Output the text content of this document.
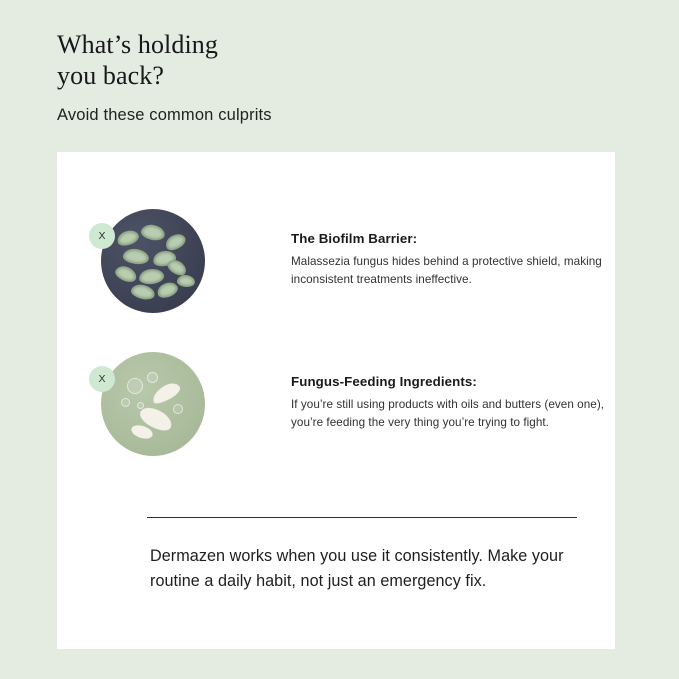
What’s holding
you back?
Avoid these common culprits
X	The Biofilm Barrier:
Malassezia fungus hides behind a protective shield, making inconsistent treatments ineffective.
X	Fungus-Feeding Ingredients:
If you’re still using products with oils and butters (even one), you’re feeding the very thing you’re trying to fight.
Dermazen works when you use it consistently. Make your routine a daily habit, not just an emergency fix.
